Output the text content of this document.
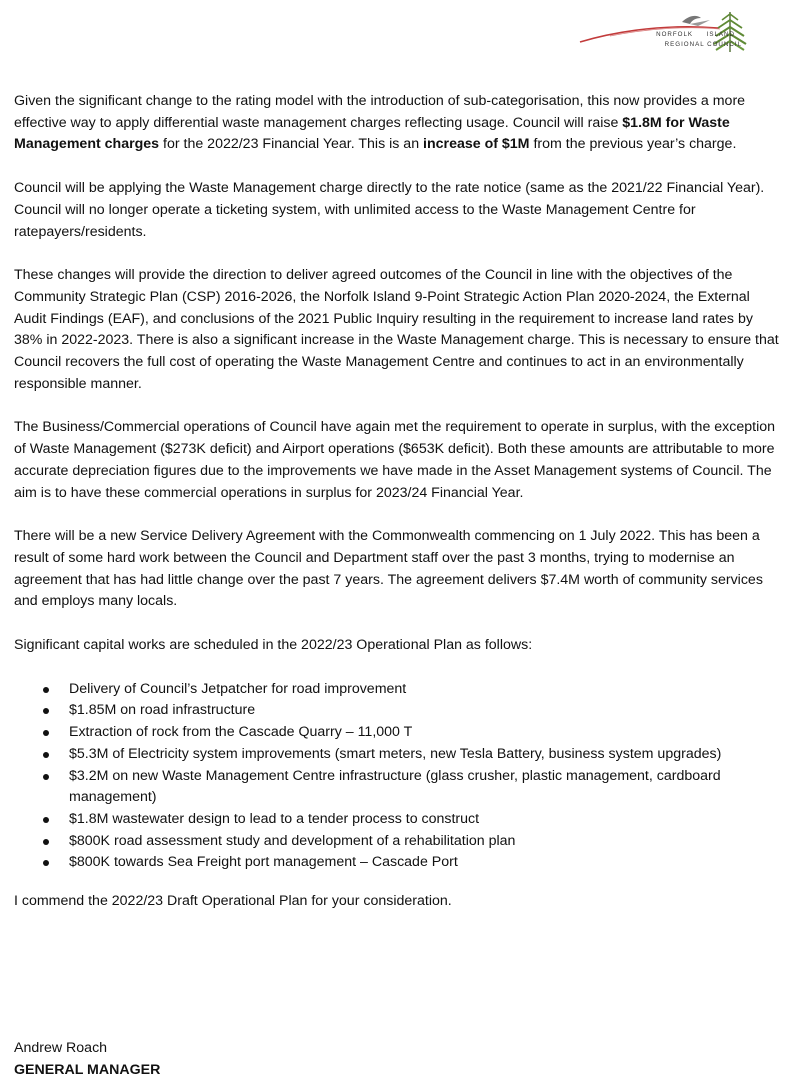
NORFOLK ISLAND
REGIONAL COUNCIL

Given the significant change to the rating model with the introduction of sub-categorisation, this now provides a more effective way to apply differential waste management charges reflecting usage. Council will raise $1.8M for Waste Management charges for the 2022/23 Financial Year. This is an increase of $1M from the previous year’s charge.

Council will be applying the Waste Management charge directly to the rate notice (same as the 2021/22 Financial Year). Council will no longer operate a ticketing system, with unlimited access to the Waste Management Centre for ratepayers/residents.

These changes will provide the direction to deliver agreed outcomes of the Council in line with the objectives of the Community Strategic Plan (CSP) 2016-2026, the Norfolk Island 9-Point Strategic Action Plan 2020-2024, the External Audit Findings (EAF), and conclusions of the 2021 Public Inquiry resulting in the requirement to increase land rates by 38% in 2022-2023. There is also a significant increase in the Waste Management charge. This is necessary to ensure that Council recovers the full cost of operating the Waste Management Centre and continues to act in an environmentally responsible manner.

The Business/Commercial operations of Council have again met the requirement to operate in surplus, with the exception of Waste Management ($273K deficit) and Airport operations ($653K deficit). Both these amounts are attributable to more accurate depreciation figures due to the improvements we have made in the Asset Management systems of Council. The aim is to have these commercial operations in surplus for 2023/24 Financial Year.

There will be a new Service Delivery Agreement with the Commonwealth commencing on 1 July 2022. This has been a result of some hard work between the Council and Department staff over the past 3 months, trying to modernise an agreement that has had little change over the past 7 years. The agreement delivers $7.4M worth of community services and employs many locals.

Significant capital works are scheduled in the 2022/23 Operational Plan as follows:

Delivery of Council’s Jetpatcher for road improvement
$1.85M on road infrastructure
Extraction of rock from the Cascade Quarry – 11,000 T
$5.3M of Electricity system improvements (smart meters, new Tesla Battery, business system upgrades)
$3.2M on new Waste Management Centre infrastructure (glass crusher, plastic management, cardboard management)
$1.8M wastewater design to lead to a tender process to construct
$800K road assessment study and development of a rehabilitation plan
$800K towards Sea Freight port management – Cascade Port

I commend the 2022/23 Draft Operational Plan for your consideration.

Andrew Roach
GENERAL MANAGER
